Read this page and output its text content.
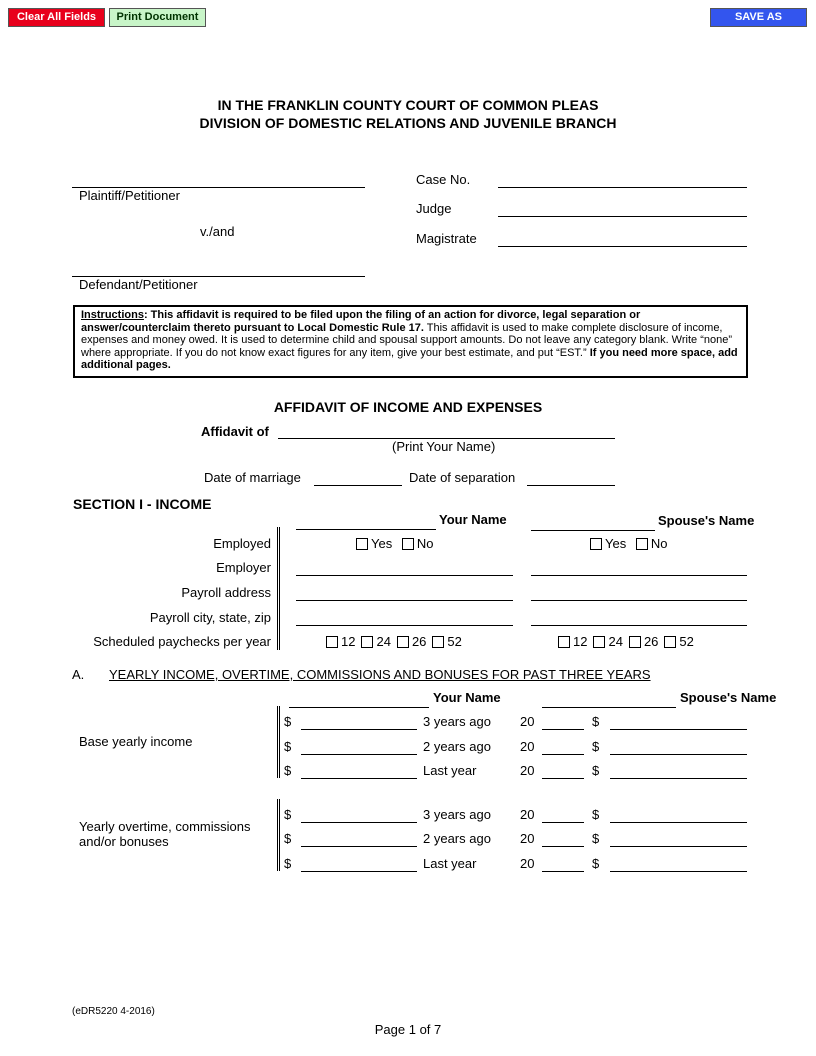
Clear All Fields	Print Document	SAVE AS
IN THE FRANKLIN COUNTY COURT OF COMMON PLEAS
DIVISION OF DOMESTIC RELATIONS AND JUVENILE BRANCH
Plaintiff/Petitioner
v./and
Defendant/Petitioner
Case No.
Judge
Magistrate
Instructions: This affidavit is required to be filed upon the filing of an action for divorce, legal separation or answer/counterclaim thereto pursuant to Local Domestic Rule 17. This affidavit is used to make complete disclosure of income, expenses and money owed. It is used to determine child and spousal support amounts. Do not leave any category blank. Write “none” where appropriate. If you do not know exact figures for any item, give your best estimate, and put “EST.” If you need more space, add additional pages.
AFFIDAVIT OF INCOME AND EXPENSES
Affidavit of
(Print Your Name)
Date of marriage	Date of separation
SECTION I - INCOME
Your Name	Spouse's Name
Employed	Yes No	Yes No
Employer
Payroll address
Payroll city, state, zip
Scheduled paychecks per year	12 24 26 52	12 24 26 52
A. YEARLY INCOME, OVERTIME, COMMISSIONS AND BONUSES FOR PAST THREE YEARS
Your Name	Spouse's Name
Base yearly income
$	3 years ago 20	$
$	2 years ago 20	$
$	Last year	20	$
Yearly overtime, commissions
and/or bonuses
$	3 years ago 20	$
$	2 years ago 20	$
$	Last year	20	$
(eDR5220 4-2016)
Page 1 of 7
